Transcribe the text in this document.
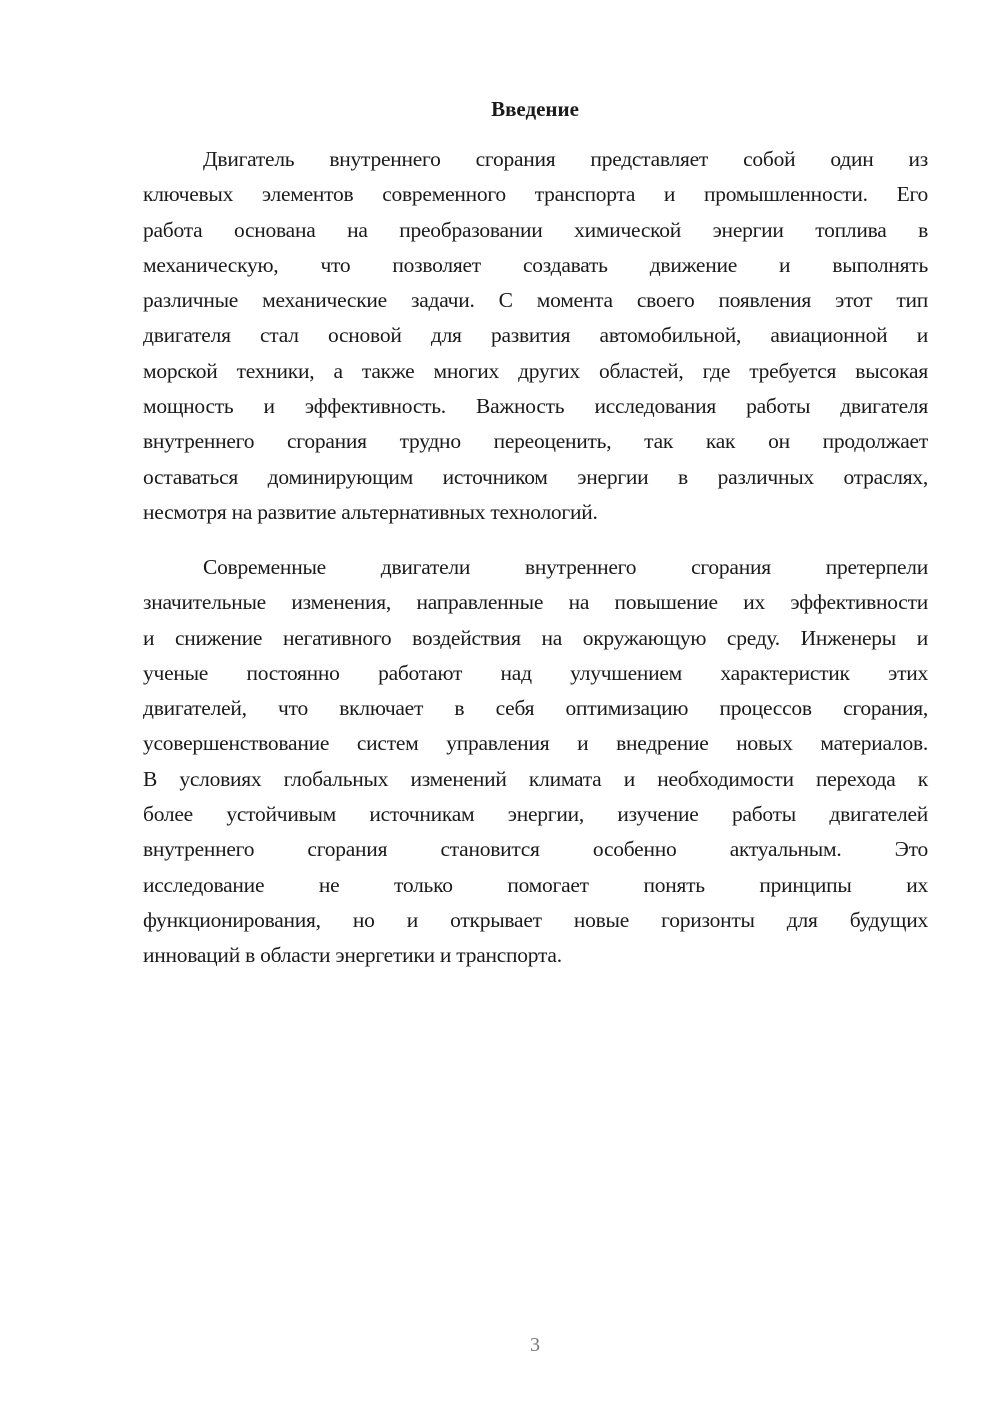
Введение
Двигатель внутреннего сгорания представляет собой один из
ключевых элементов современного транспорта и промышленности. Его
работа основана на преобразовании химической энергии топлива в
механическую, что позволяет создавать движение и выполнять
различные механические задачи. С момента своего появления этот тип
двигателя стал основой для развития автомобильной, авиационной и
морской техники, а также многих других областей, где требуется высокая
мощность и эффективность. Важность исследования работы двигателя
внутреннего сгорания трудно переоценить, так как он продолжает
оставаться доминирующим источником энергии в различных отраслях,
несмотря на развитие альтернативных технологий.
Современные двигатели внутреннего сгорания претерпели
значительные изменения, направленные на повышение их эффективности
и снижение негативного воздействия на окружающую среду. Инженеры и
ученые постоянно работают над улучшением характеристик этих
двигателей, что включает в себя оптимизацию процессов сгорания,
усовершенствование систем управления и внедрение новых материалов.
В условиях глобальных изменений климата и необходимости перехода к
более устойчивым источникам энергии, изучение работы двигателей
внутреннего сгорания становится особенно актуальным. Это
исследование не только помогает понять принципы их
функционирования, но и открывает новые горизонты для будущих
инноваций в области энергетики и транспорта.
3
